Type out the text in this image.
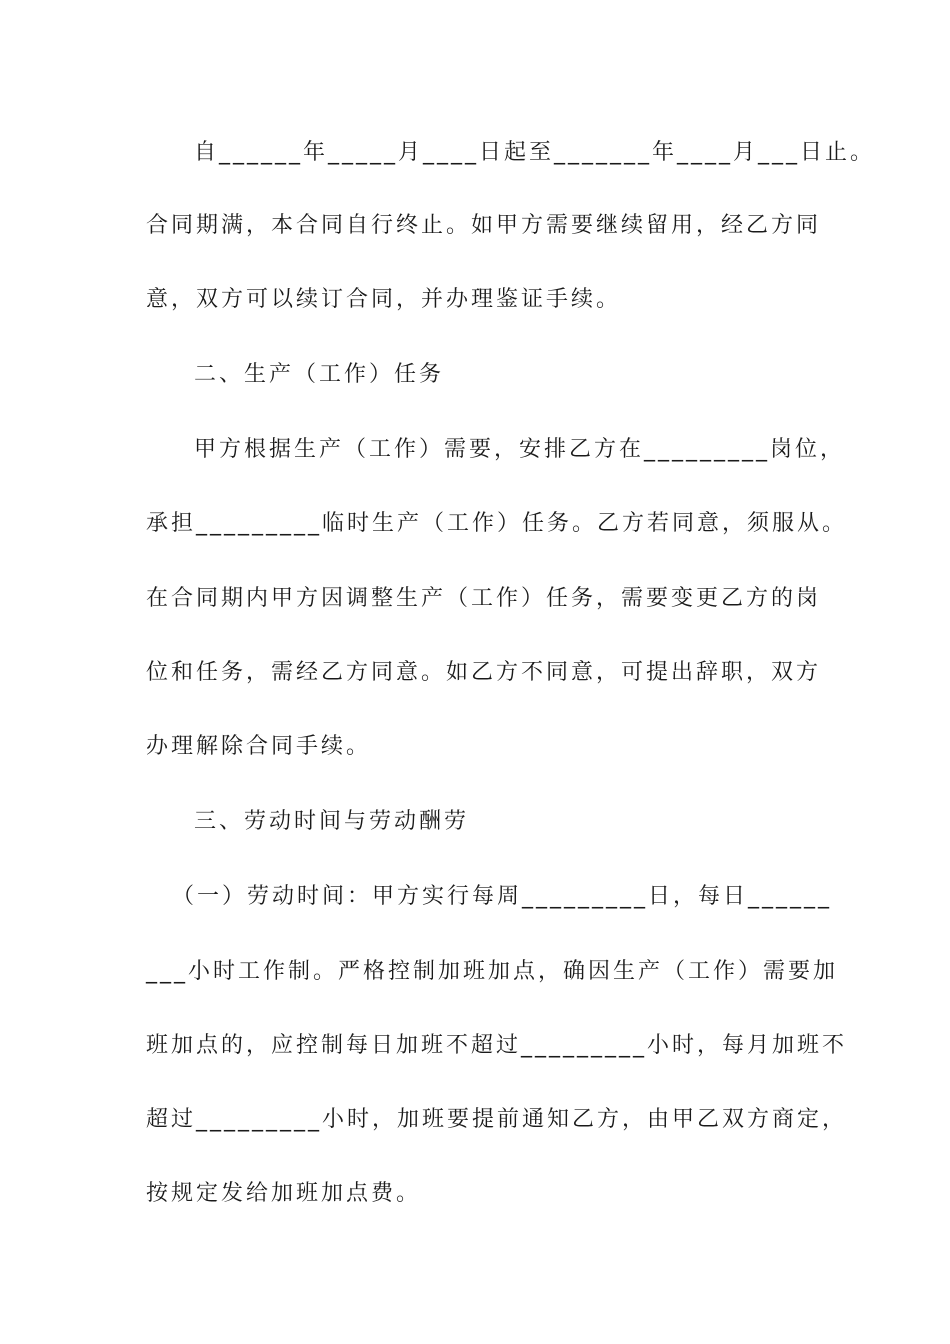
自______年_____月____日起至_______年____月___日止。
合同期满，本合同自行终止。如甲方需要继续留用，经乙方同
意，双方可以续订合同，并办理鉴证手续。
二、生产（工作）任务
甲方根据生产（工作）需要，安排乙方在_________岗位，
承担_________临时生产（工作）任务。乙方若同意，须服从。
在合同期内甲方因调整生产（工作）任务，需要变更乙方的岗
位和任务，需经乙方同意。如乙方不同意，可提出辞职，双方
办理解除合同手续。
三、劳动时间与劳动酬劳
（一）劳动时间：甲方实行每周_________日，每日______
___小时工作制。严格控制加班加点，确因生产（工作）需要加
班加点的，应控制每日加班不超过_________小时，每月加班不
超过_________小时，加班要提前通知乙方，由甲乙双方商定，
按规定发给加班加点费。
